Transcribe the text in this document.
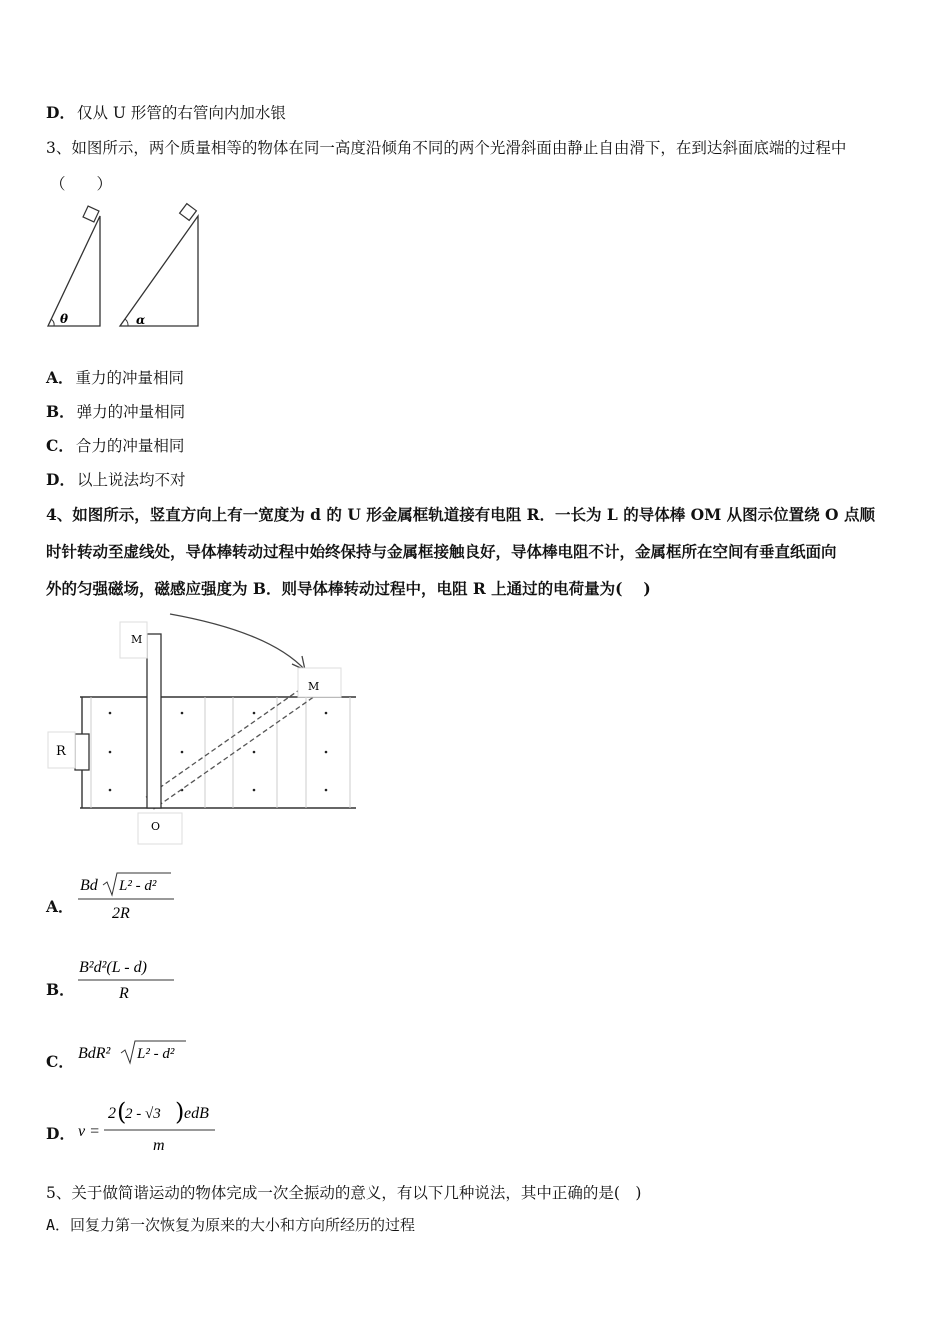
D． 仅从 U 形管的右管向内加水银
3、如图所示，两个质量相等的物体在同一高度沿倾角不同的两个光滑斜面由静止自由滑下，在到达斜面底端的过程中
（　　）
θ	α
A． 重力的冲量相同
B． 弹力的冲量相同
C． 合力的冲量相同
D． 以上说法均不对
4、如图所示，竖直方向上有一宽度为 d 的 U 形金属框轨道接有电阻 R．一长为 L 的导体棒 OM 从图示位置绕 O 点顺
时针转动至虚线处，导体棒转动过程中始终保持与金属框接触良好，导体棒电阻不计，金属框所在空间有垂直纸面向
外的匀强磁场，磁感应强度为 B．则导体棒转动过程中，电阻 R 上通过的电荷量为(　 )
R
M
M
O
A．
Bd L² - d²
2R
B．
B²d²(L - d)
R
C． BdR² L² - d²
D． v =
2 (
2 - √3 ) edB
m
5、关于做简谐运动的物体完成一次全振动的意义，有以下几种说法，其中正确的是(　)
A．回复力第一次恢复为原来的大小和方向所经历的过程
